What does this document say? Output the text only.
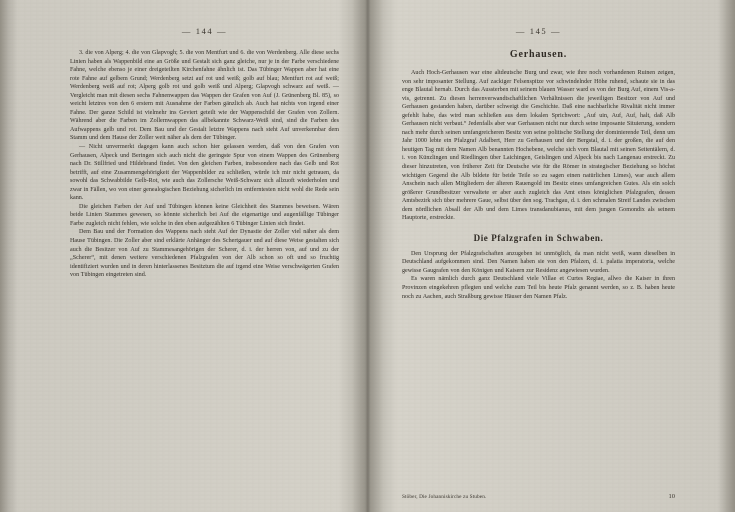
— 144 —

3. die von Alperg; 4. die von Glapvogh; 5. die von Mentfurt und 6. die von Werdenberg. Alle diese sechs Linien haben als Wappenbild eine an Größe und Gestalt sich ganz gleiche, nur je in der Farbe verschiedene Fahne, welche ebenso je einer dreigeteilten Kirchenfahne ähnlich ist. Das Tübinger Wappen aber hat eine rote Fahne auf gelbem Grund; Werdenberg setzt auf rot und weiß; golb auf blau; Mentfurt rot auf weiß; Werdenberg weiß auf rot; Alperg golb rot und golb weiß und Alperg; Glapvogh schwarz auf weiß. — Vergleicht man mit diesen sechs Fahnenwappen das Wappen der Grafen von Auf (J. Grünenberg Bl. 85), so weicht letztres von den 6 erstern mit Ausnahme der Farben gänzlich ab. Auch hat nichts von irgend einer Fahne. Der ganze Schild ist vielmehr ins Geviert geteilt wie der Wappenschild der Grafen von Zollern. Während aber die Farben im Zollernwappen das allbekannte Schwarz-Weiß sind, sind die Farben des Aufwappens gelb und rot. Dem Bau und der Gestalt letztre Wappens nach steht Auf unverkennbar dem Stamm und dem Hause der Zoller weit näher als dem der Tübinger.

— Nicht unvermerkt dagegen kann auch schon hier gelassen werden, daß von den Grafen von Gerhausen, Alpeck und Beringen sich auch nicht die geringste Spur von einem Wappen des Grünenberg nach Dr. Stillfried und Hildebrand findet. Von den gleichen Farben, insbesondere nach das Gelb und Rot betrifft, auf eine Zusammengehörigkeit der Wappenbilder zu schließen, würde ich mir nicht getrauen, da sowohl das Schwabbilde Gelb-Rot, wie auch das Zollersche Weiß-Schwarz sich allzuoft wiederholen und zwar in Fällen, wo von einer genealogischen Beziehung sicherlich im entferntesten nicht wohl die Rede sein kann.

Die gleichen Farben der Auf und Tübingen können keine Gleichheit des Stammes beweisen. Wären beide Linien Stammes gewesen, so könnte sicherlich bei Auf die eigenartige und augenfällige Tübinger Farbe zugleich nicht fehlen, wie solche in den eben aufgezählten 6 Tübinger Linien sich findet.

Dem Bau und der Formation des Wappens nach steht Auf der Dynastie der Zoller viel näher als dem Hause Tübingen. Die Zoller aber sind erklärte Anhänger des Schertgauer und auf diese Weise gestalten sich auch die Besitzer von Auf zu Stammesangehörigen der Scherer, d. i. der herren von, auf und zu der „Scherer“, mit denen weitere verschiedenen Pfalzgrafen von der Alb schon so oft und so fruchtig identifiziert wurden und in deren hinterlassenes Besitztum die auf irgend eine Weise verschwägerten Grafen von Tübingen eingetreten sind.

— 145 —
Gerhausen.

Auch Hoch-Gerhausen war eine altdeutsche Burg und zwar, wie ihre noch vorhandenen Ruinen zeigen, von sehr imposanter Stellung. Auf zackiger Felsenspitze vor schwindelnder Höhe ruhend, schaute sie in das enge Blautal hernab. Durch das Aussterben mit seinem blauen Wasser ward es von der Burg Auf, einem Vis-a-vis, getrennt. Zu diesen herrenverwandtschaftlichen Verhältnissen die jeweiligen Besitzer von Auf und Gerhausen gestanden haben, darüber schweigt die Geschichte. Daß eine nachbarliche Rivalität nicht immer gefehlt habe, das wird man schließen aus dem lokalen Sprichwort: „Auf uin, Auf, Auf, halt, daß Alb Gerhausen nicht verbaut.“ Jedenfalls aber war Gerhausen nicht nur durch seine imposante Situierung, sondern nach mehr durch seinen umfangreicheren Besitz von seine politische Stellung der dominierende Teil, denn um Jahr 1000 lebte ein Pfalzgraf Adalbert, Herr zu Gerhausen und der Bergstal, d. i. der großen, die auf den heutigen Tag mit dem Namen Alb benannten Hochebene, welche sich vom Blautal mit seinen Seitentälern, d. i. von Künzlingen und Riedlingen über Laichingen, Geislingen und Alpeck bis nach Langenau erstreckt. Zu dieser hinzutreten, von früherer Zeit für Deutsche wie für die Römer in strategischer Beziehung so höchst wichtigen Gegend die Alb bildete für beide Teile so zu sagen einen natürlichen Limes), war auch allem Anschein nach allen Mitgliedern der älteren Rauengold im Besitz eines umfangreichen Gutes. Als ein solch größerer Grundbesitzer verwaltete er aber auch zugleich das Amt eines königlichen Pfalzgrafen, dessen Amtsbezirk sich über mehrere Gaue, selbst über den sog. Trachgau, d. i. den schmalen Streif Landes zwischen dem nördlichen Absall der Alb und dem Limes transdanubianus, mit dem jungen Gomondix als seinem Hauptorte, erstreckte.

Die Pfalzgrafen in Schwaben.

Den Ursprung der Pfalzgrafschaften anzugeben ist unmöglich, da man nicht weiß, wann dieselben in Deutschland aufgekommen sind. Den Namen haben sie von den Pfalzen, d. i. palatia imperatoria, welche gewisse Gaugrafen von den Königen und Kaisern zur Residenz angewiesen wurden.

Es waren nämlich durch ganz Deutschland viele Villae et Curtes Regiae, allwo die Kaiser in ihren Provinzen eingekehren pflegten und welche zum Teil bis heute Pfalz genannt werden, so z. B. haben heute noch zu Aachen, auch Straßburg gewisse Häuser den Namen Pfalz.

Stöber, Die Johanniskirche zu Stuben.	10
